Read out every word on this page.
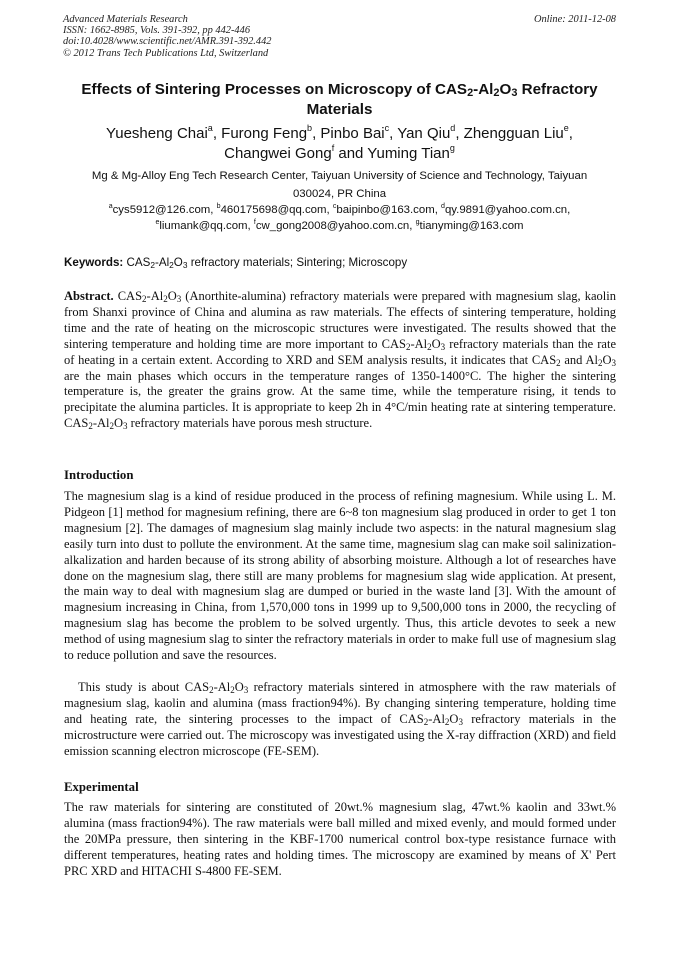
Advanced Materials Research
ISSN: 1662-8985, Vols. 391-392, pp 442-446
doi:10.4028/www.scientific.net/AMR.391-392.442
© 2012 Trans Tech Publications Ltd, Switzerland
Online: 2011-12-08
Effects of Sintering Processes on Microscopy of $CAS_2-Al_2O_3$ Refractory Materials
Yuesheng Chai$^a$, Furong Feng$^b$, Pinbo Bai$^c$, Yan Qiu$^d$, Zhengguan Liu$^e$,
Changwei Gong$^f$ and Yuming Tian$^g$
Mg & Mg-Alloy Eng Tech Research Center, Taiyuan University of Science and Technology, Taiyuan
030024, PR China
$^a$cys5912@126.com, $^b$460175698@qq.com, $^c$baipinbo@163.com, $^d$qy.9891@yahoo.com.cn,
$^e$liumank@qq.com, $^f$cw_gong2008@yahoo.com.cn, $^g$tianyming@163.com
Keywords: $CAS_2-Al_2O_3$ refractory materials; Sintering; Microscopy

Abstract. $CAS_2-Al_2O_3$ (Anorthite-alumina) refractory materials were prepared with magnesium slag, kaolin from Shanxi province of China and alumina as raw materials. The effects of sintering temperature, holding time and the rate of heating on the microscopic structures were investigated. The results showed that the sintering temperature and holding time are more important to $CAS_2-Al_2O_3$ refractory materials than the rate of heating in a certain extent. According to XRD and SEM analysis results, it indicates that $CAS_2$ and $Al_2O_3$ are the main phases which occurs in the temperature ranges of 1350-1400°C. The higher the sintering temperature is, the greater the grains grow. At the same time, while the temperature rising, it tends to precipitate the alumina particles. It is appropriate to keep 2h in 4°C/min heating rate at sintering temperature. $CAS_2-Al_2O_3$ refractory materials have porous mesh structure.

Introduction

The magnesium slag is a kind of residue produced in the process of refining magnesium. While using L. M. Pidgeon [1] method for magnesium refining, there are 6~8 ton magnesium slag produced in order to get 1 ton magnesium [2]. The damages of magnesium slag mainly include two aspects: in the natural magnesium slag easily turn into dust to pollute the environment. At the same time, magnesium slag can make soil salinization-alkalization and harden because of its strong ability of absorbing moisture. Although a lot of researches have done on the magnesium slag, there still are many problems for magnesium slag wide application. At present, the main way to deal with magnesium slag are dumped or buried in the waste land [3]. With the amount of magnesium increasing in China, from 1,570,000 tons in 1999 up to 9,500,000 tons in 2000, the recycling of magnesium slag has become the problem to be solved urgently. Thus, this article devotes to seek a new method of using magnesium slag to sinter the refractory materials in order to make full use of magnesium slag to reduce pollution and save the resources.

This study is about $CAS_2-Al_2O_3$ refractory materials sintered in atmosphere with the raw materials of magnesium slag, kaolin and alumina (mass fraction94%). By changing sintering temperature, holding time and heating rate, the sintering processes to the impact of $CAS_2-Al_2O_3$ refractory materials in the microstructure were carried out. The microscopy was investigated using the X-ray diffraction (XRD) and field emission scanning electron microscope (FE-SEM).

Experimental

The raw materials for sintering are constituted of 20wt.% magnesium slag, 47wt.% kaolin and 33wt.% alumina (mass fraction94%). The raw materials were ball milled and mixed evenly, and mould formed under the 20MPa pressure, then sintering in the KBF-1700 numerical control box-type resistance furnace with different temperatures, heating rates and holding times. The microscopy are examined by means of X' Pert PRC XRD and HITACHI S-4800 FE-SEM.
